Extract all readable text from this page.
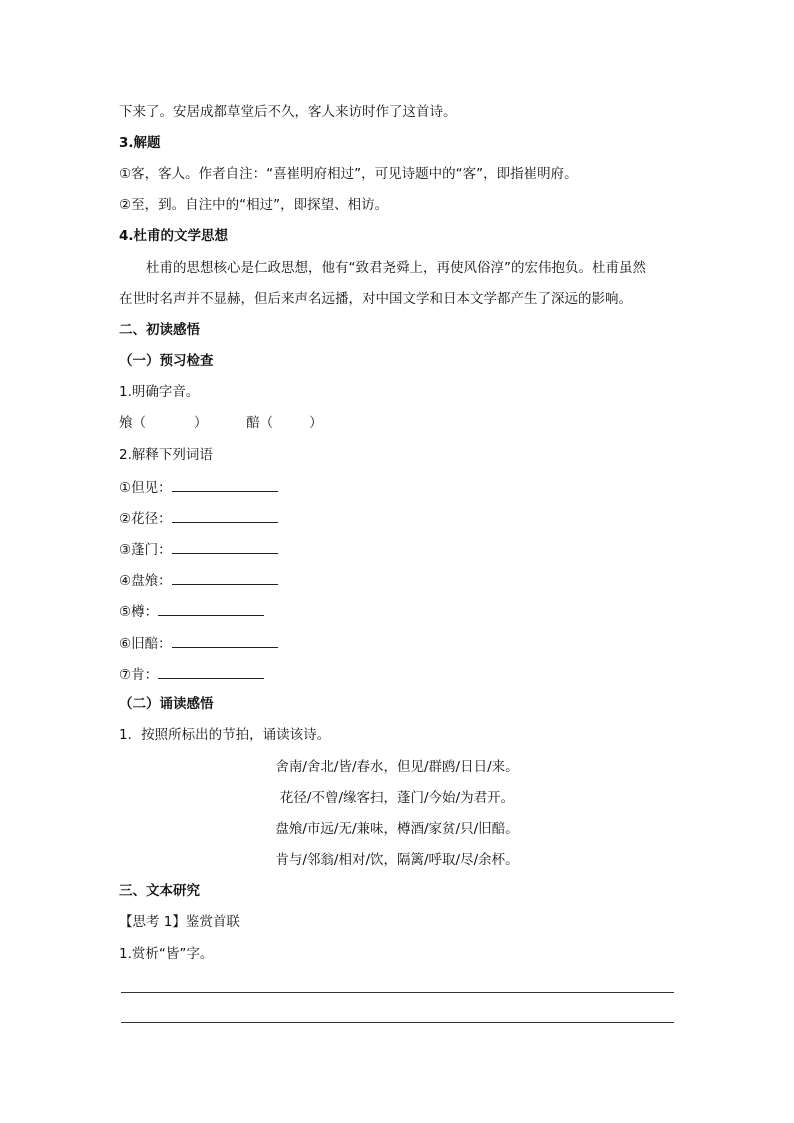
下来了。安居成都草堂后不久，客人来访时作了这首诗。
3.解题
①客，客人。作者自注：“喜崔明府相过”，可见诗题中的“客”，即指崔明府。
②至，到。自注中的“相过”，即探望、相访。
4.杜甫的文学思想
杜甫的思想核心是仁政思想，他有“致君尧舜上，再使风俗淳”的宏伟抱负。杜甫虽然
在世时名声并不显赫，但后来声名远播，对中国文学和日本文学都产生了深远的影响。
二、初读感悟
（一）预习检查
1.明确字音。
飧（	）	醅（	）
2.解释下列词语
①但见：
②花径：
③蓬门：
④盘飧：
⑤樽：
⑥旧醅：
⑦肯：
（二）诵读感悟
1．按照所标出的节拍，诵读该诗。
舍南/舍北/皆/春水，但见/群鸥/日日/来。
花径/不曾/缘客扫，蓬门/今始/为君开。
盘飧/市远/无/兼味，樽酒/家贫/只/旧醅。
肯与/邻翁/相对/饮，隔篱/呼取/尽/余杯。
三、文本研究
【思考 1】鉴赏首联
1.赏析“皆”字。
